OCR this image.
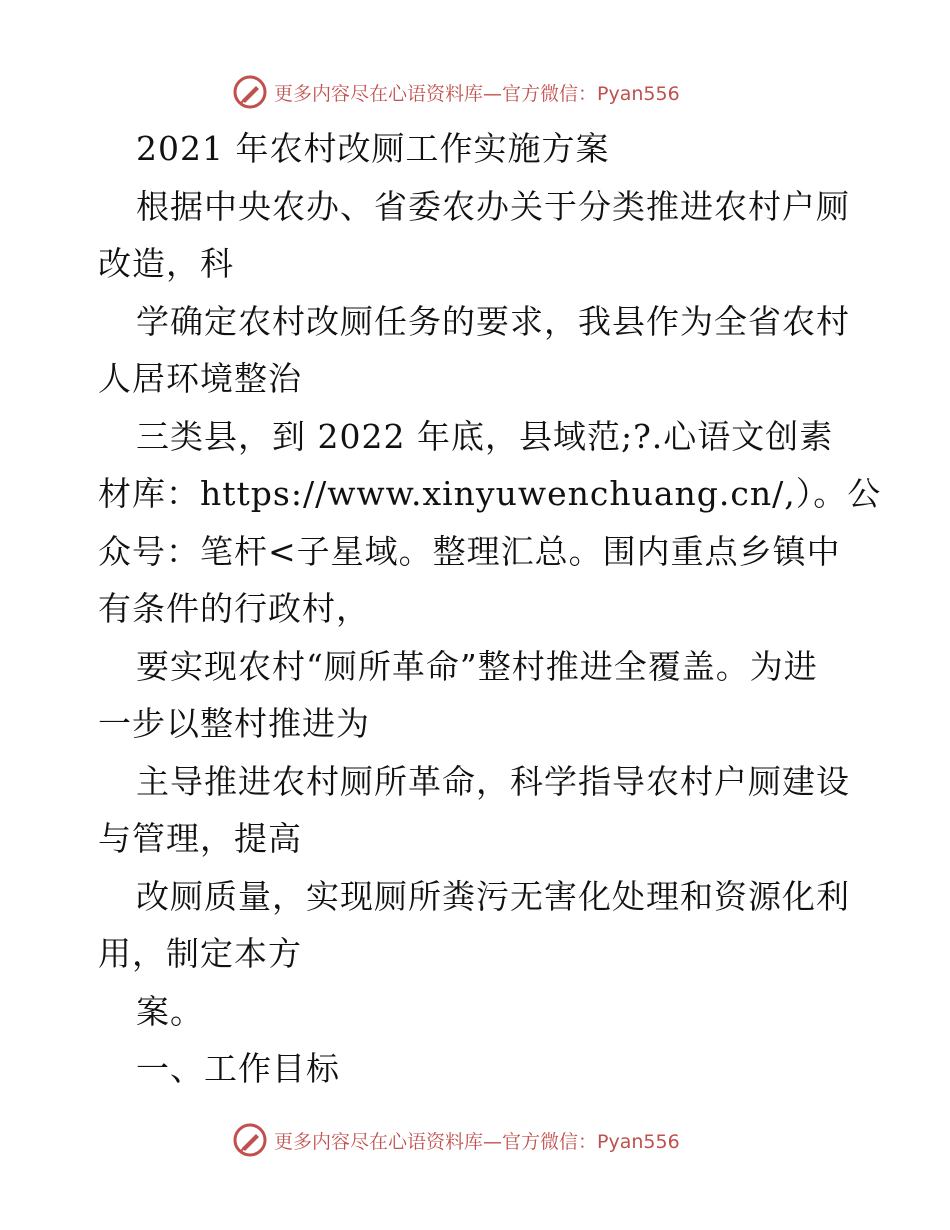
更多内容尽在心语资料库—官方微信：Pyan556
2021 年农村改厕工作实施方案
根据中央农办、省委农办关于分类推进农村户厕
改造，科
学确定农村改厕任务的要求，我县作为全省农村
人居环境整治
三类县，到 2022 年底，县域范;?.心语文创素
材库：https://www.xinyuwenchuang.cn/,）。公
众号：笔杆<子星域。整理汇总。围内重点乡镇中
有条件的行政村，
要实现农村“厕所革命”整村推进全覆盖。为进
一步以整村推进为
主导推进农村厕所革命，科学指导农村户厕建设
与管理，提高
改厕质量，实现厕所粪污无害化处理和资源化利
用，制定本方
案。
一、工作目标
更多内容尽在心语资料库—官方微信：Pyan556
